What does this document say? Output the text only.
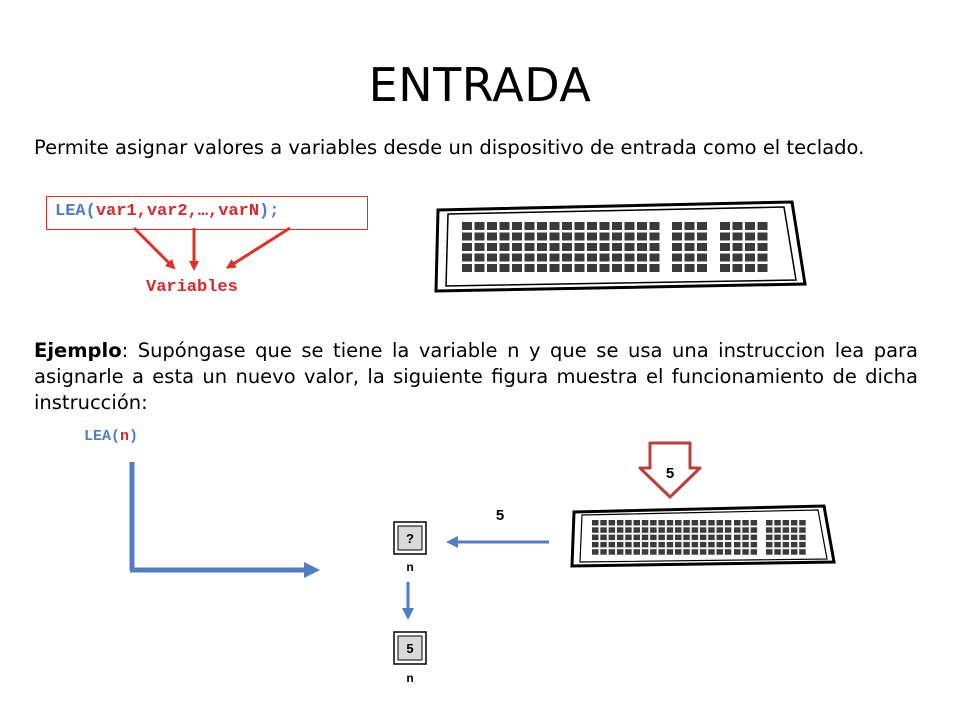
ENTRADA
Permite asignar valores a variables desde un dispositivo de entrada como el teclado.
LEA(var1,var2,…,varN);
Variables
Ejemplo: Supóngase que se tiene la variable n y que se usa una instruccion lea para asignarle a esta un nuevo valor, la siguiente figura muestra el funcionamiento de dicha instrucción:
LEA(n)
5
5
?
n
5
n
